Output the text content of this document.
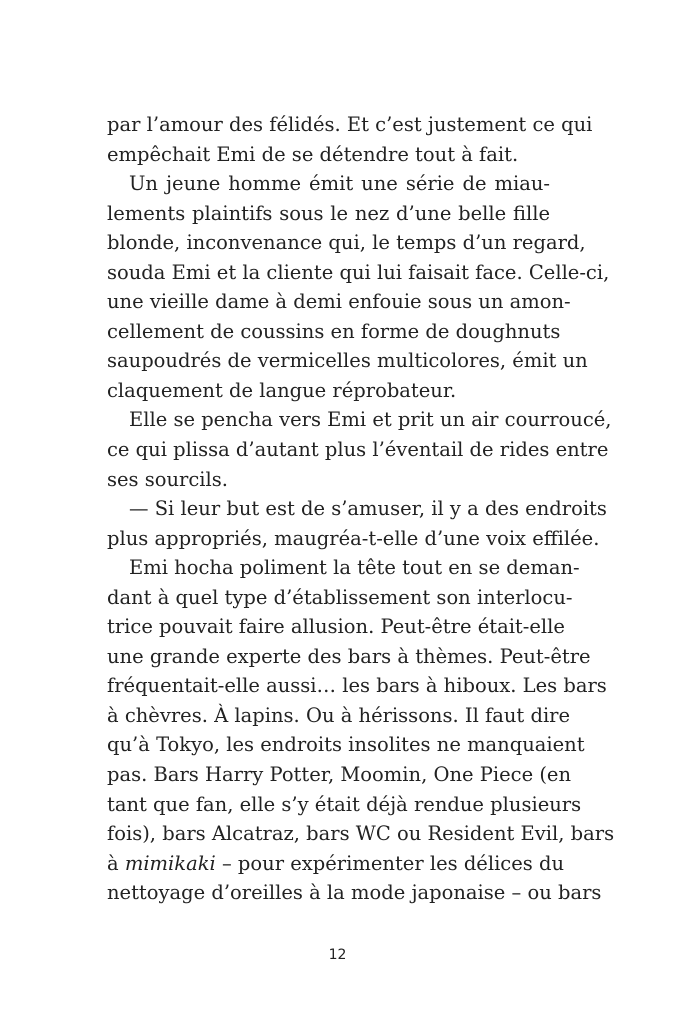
par l’amour des félidés. Et c’est justement ce qui
empêchait Emi de se détendre tout à fait.
Un jeune homme émit une série de miau-
lements plaintifs sous le nez d’une belle fille
blonde, inconvenance qui, le temps d’un regard,
souda Emi et la cliente qui lui faisait face. Celle-ci,
une vieille dame à demi enfouie sous un amon-
cellement de coussins en forme de doughnuts
saupoudrés de vermicelles multicolores, émit un
claquement de langue réprobateur.
Elle se pencha vers Emi et prit un air courroucé,
ce qui plissa d’autant plus l’éventail de rides entre
ses sourcils.
— Si leur but est de s’amuser, il y a des endroits
plus appropriés, maugréa-t-elle d’une voix effilée.
Emi hocha poliment la tête tout en se deman-
dant à quel type d’établissement son interlocu-
trice pouvait faire allusion. Peut-être était-elle
une grande experte des bars à thèmes. Peut-être
fréquentait-elle aussi… les bars à hiboux. Les bars
à chèvres. À lapins. Ou à hérissons. Il faut dire
qu’à Tokyo, les endroits insolites ne manquaient
pas. Bars Harry Potter, Moomin, One Piece (en
tant que fan, elle s’y était déjà rendue plusieurs
fois), bars Alcatraz, bars WC ou Resident Evil, bars
à mimikaki – pour expérimenter les délices du
nettoyage d’oreilles à la mode japonaise – ou bars
12
